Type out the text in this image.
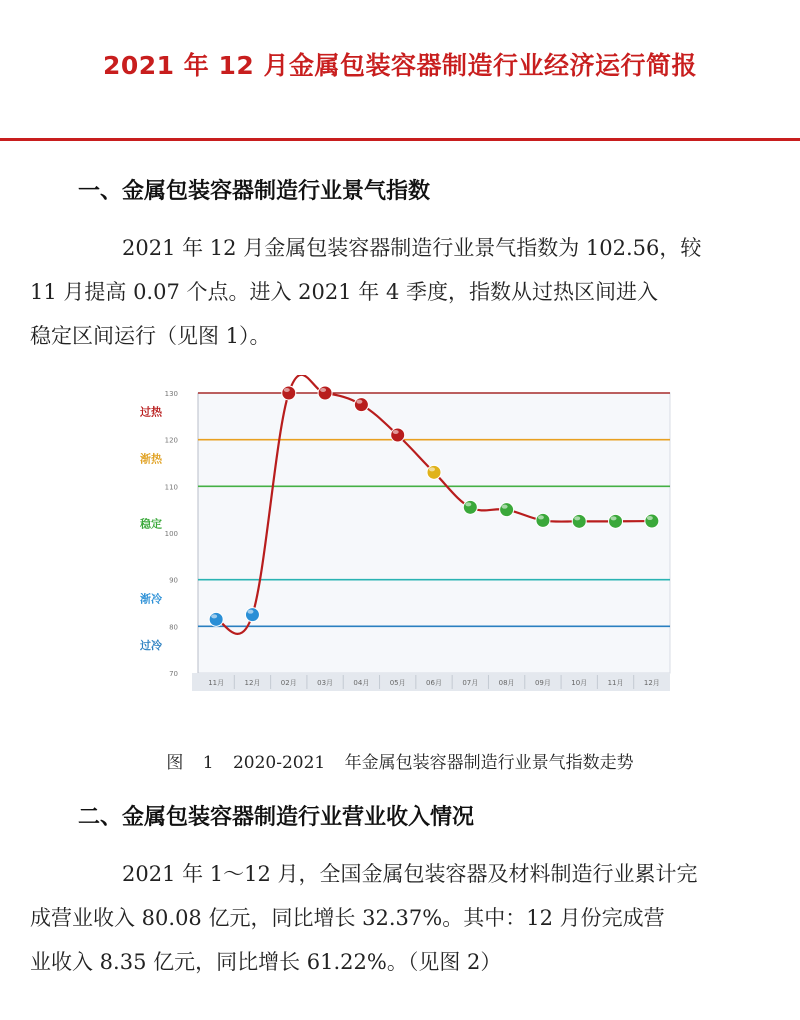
2021 年 12 月金属包装容器制造行业经济运行简报
一、金属包装容器制造行业景气指数
2021 年 12 月金属包装容器制造行业景气指数为 102.56，较
11 月提高 0.07 个点。进入 2021 年 4 季度，指数从过热区间进入
稳定区间运行（见图 1）。
70
80
90
100
110
120
130
过热
渐热
稳定
渐冷
过冷
11月	12月	02月	03月	04月	05月	06月	07月	08月	09月	10月	11月	12月
图 1 2020-2021 年金属包装容器制造行业景气指数走势
二、金属包装容器制造行业营业收入情况
2021 年 1～12 月，全国金属包装容器及材料制造行业累计完
成营业收入 80.08 亿元，同比增长 32.37%。其中：12 月份完成营
业收入 8.35 亿元，同比增长 61.22%。（见图 2）
